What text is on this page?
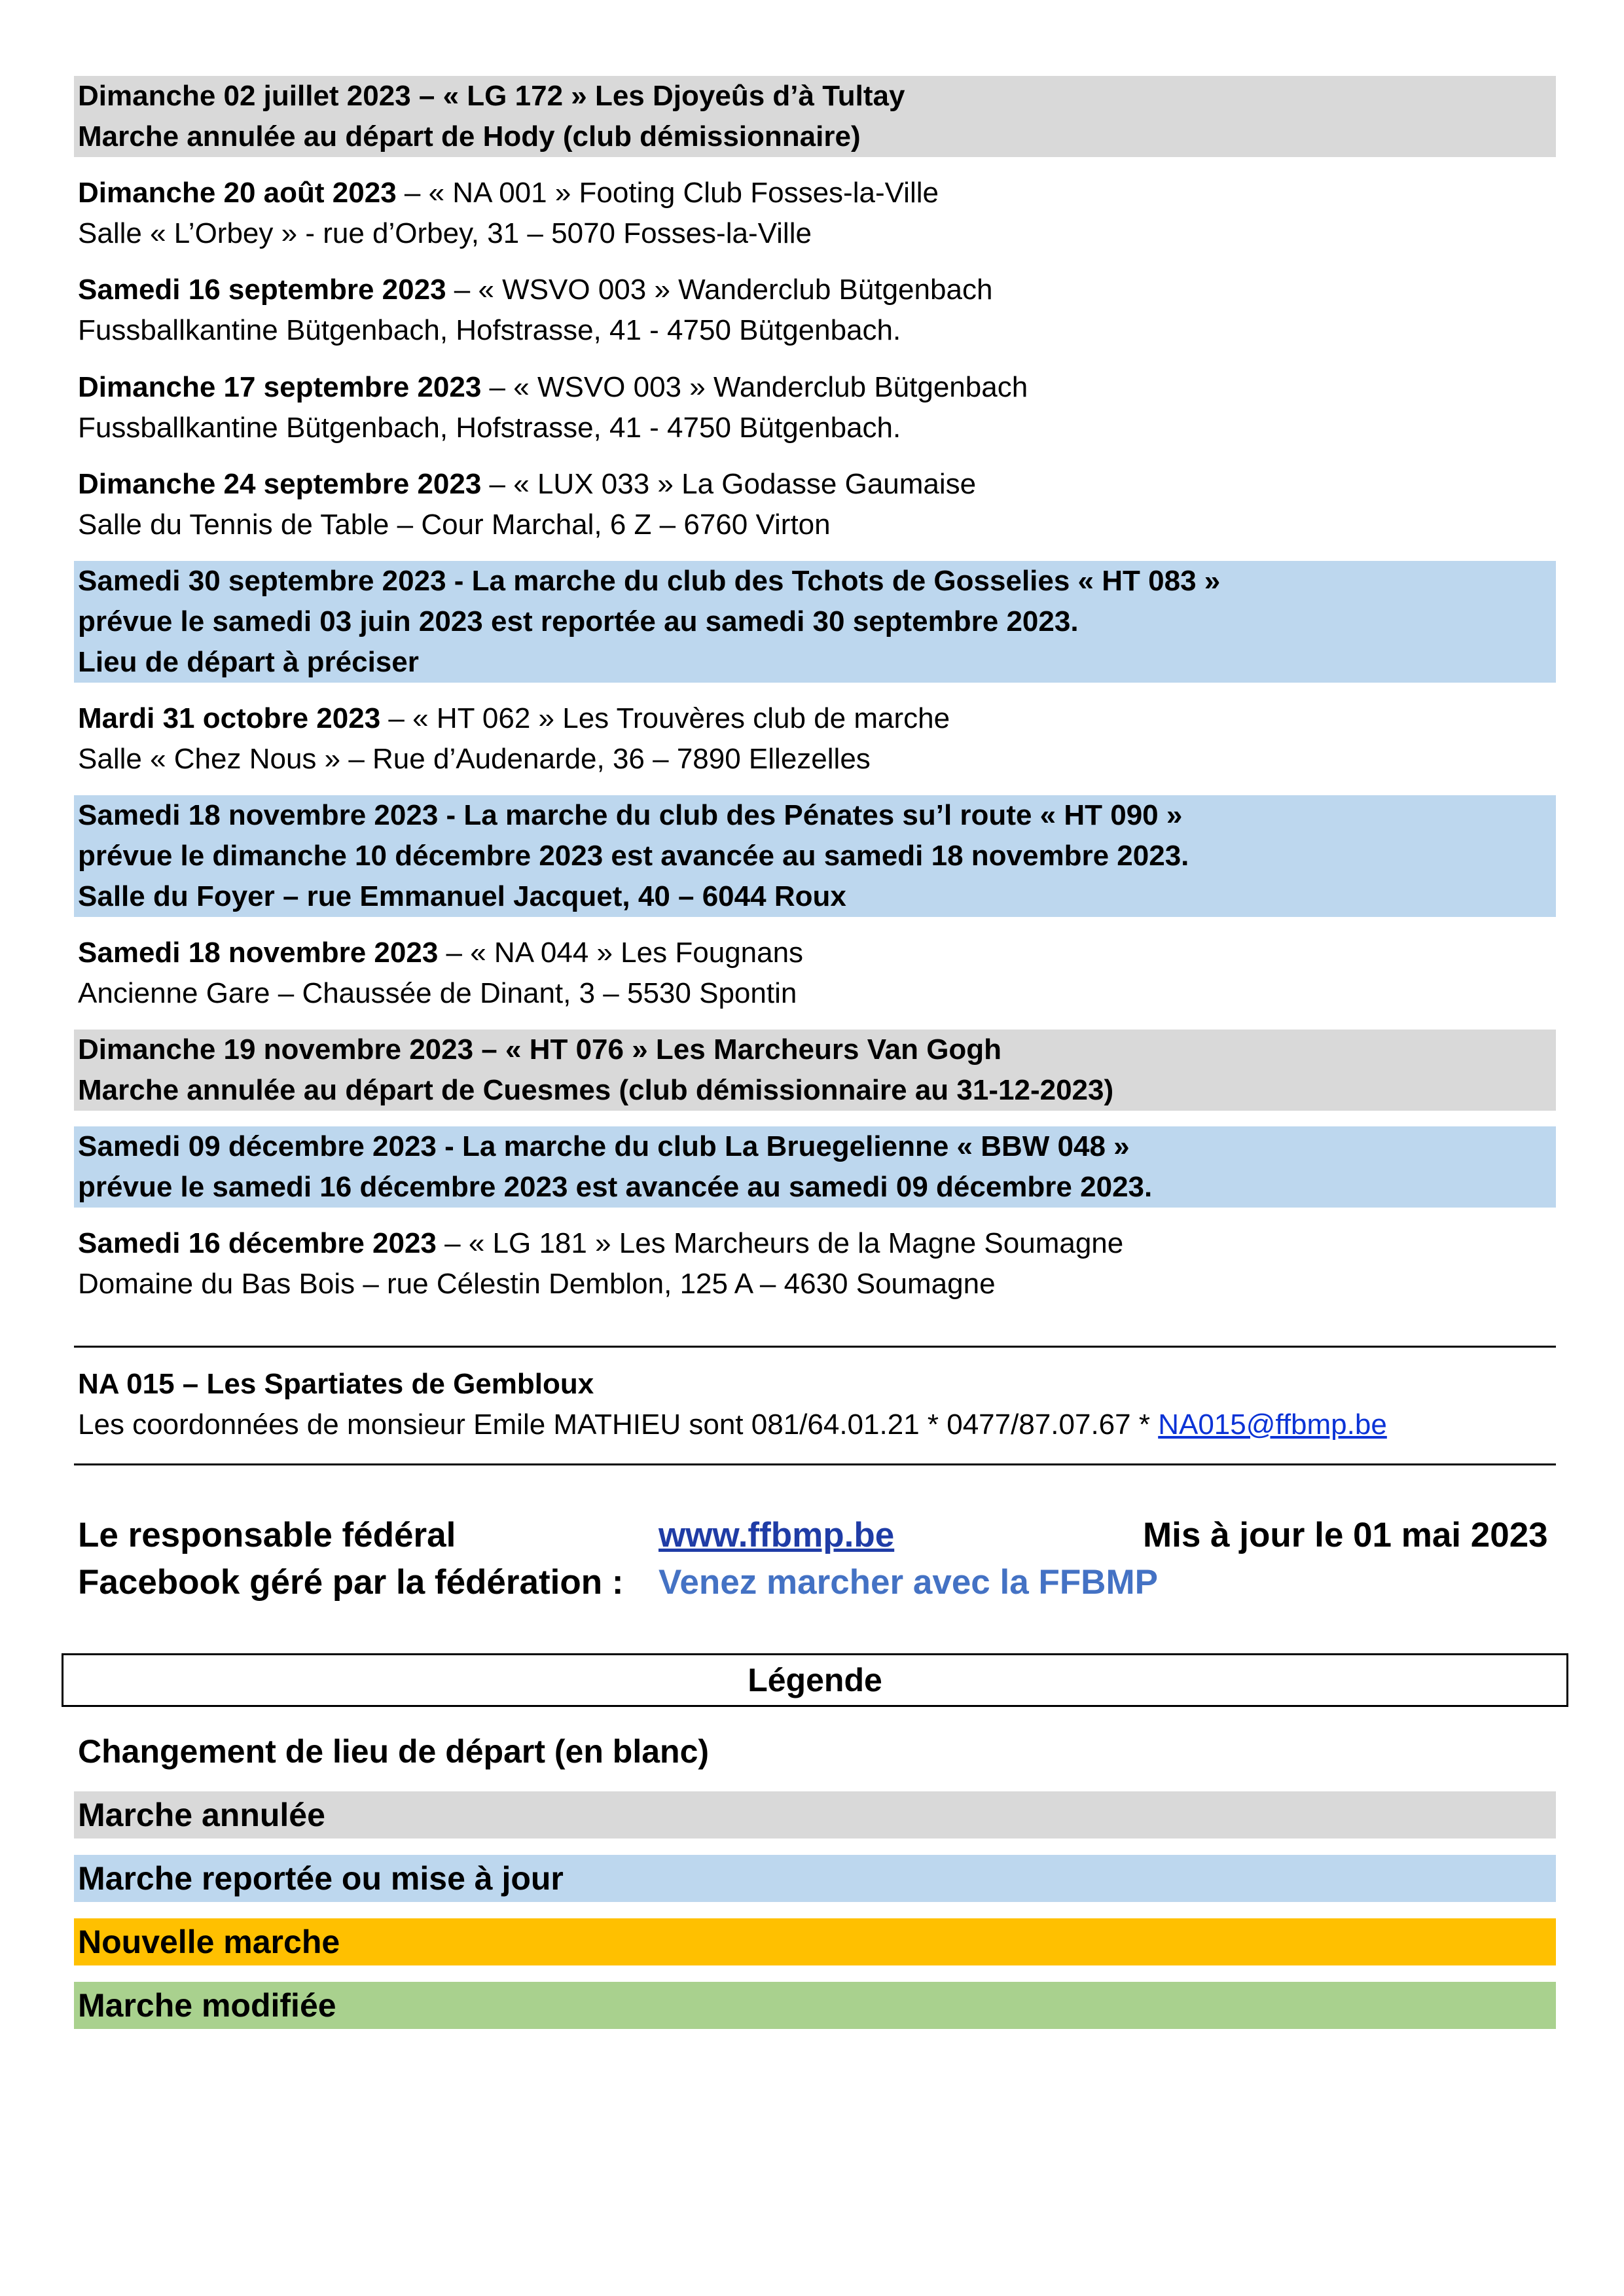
Dimanche 02 juillet 2023 – « LG 172 » Les Djoyeûs d’à Tultay
Marche annulée au départ de Hody (club démissionnaire)
Dimanche 20 août 2023 – « NA 001 » Footing Club Fosses-la-Ville
Salle « L’Orbey » - rue d’Orbey, 31 – 5070 Fosses-la-Ville
Samedi 16 septembre 2023 – « WSVO 003 » Wanderclub Bütgenbach
Fussballkantine Bütgenbach, Hofstrasse, 41 - 4750 Bütgenbach.
Dimanche 17 septembre 2023 – « WSVO 003 » Wanderclub Bütgenbach
Fussballkantine Bütgenbach, Hofstrasse, 41 - 4750 Bütgenbach.
Dimanche 24 septembre 2023 – « LUX 033 » La Godasse Gaumaise
Salle du Tennis de Table – Cour Marchal, 6 Z – 6760 Virton
Samedi 30 septembre 2023 - La marche du club des Tchots de Gosselies « HT 083 »
prévue le samedi 03 juin 2023 est reportée au samedi 30 septembre 2023.
Lieu de départ à préciser
Mardi 31 octobre 2023 – « HT 062 » Les Trouvères club de marche
Salle « Chez Nous » – Rue d’Audenarde, 36 – 7890 Ellezelles
Samedi 18 novembre 2023 - La marche du club des Pénates su’l route « HT 090 »
prévue le dimanche 10 décembre 2023 est avancée au samedi 18 novembre 2023.
Salle du Foyer – rue Emmanuel Jacquet, 40 – 6044 Roux
Samedi 18 novembre 2023 – « NA 044 » Les Fougnans
Ancienne Gare – Chaussée de Dinant, 3 – 5530 Spontin
Dimanche 19 novembre 2023 – « HT 076 » Les Marcheurs Van Gogh
Marche annulée au départ de Cuesmes (club démissionnaire au 31-12-2023)
Samedi 09 décembre 2023 - La marche du club La Bruegelienne « BBW 048 »
prévue le samedi 16 décembre 2023 est avancée au samedi 09 décembre 2023.
Samedi 16 décembre 2023 – « LG 181 » Les Marcheurs de la Magne Soumagne
Domaine du Bas Bois – rue Célestin Demblon, 125 A – 4630 Soumagne
NA 015 – Les Spartiates de Gembloux
Les coordonnées de monsieur Emile MATHIEU sont 081/64.01.21 * 0477/87.07.67 * NA015@ffbmp.be
Le responsable fédéral	www.ffbmp.be	Mis à jour le 01 mai 2023
Facebook géré par la fédération : Venez marcher avec la FFBMP
Légende
Changement de lieu de départ (en blanc)
Marche annulée
Marche reportée ou mise à jour
Nouvelle marche
Marche modifiée
